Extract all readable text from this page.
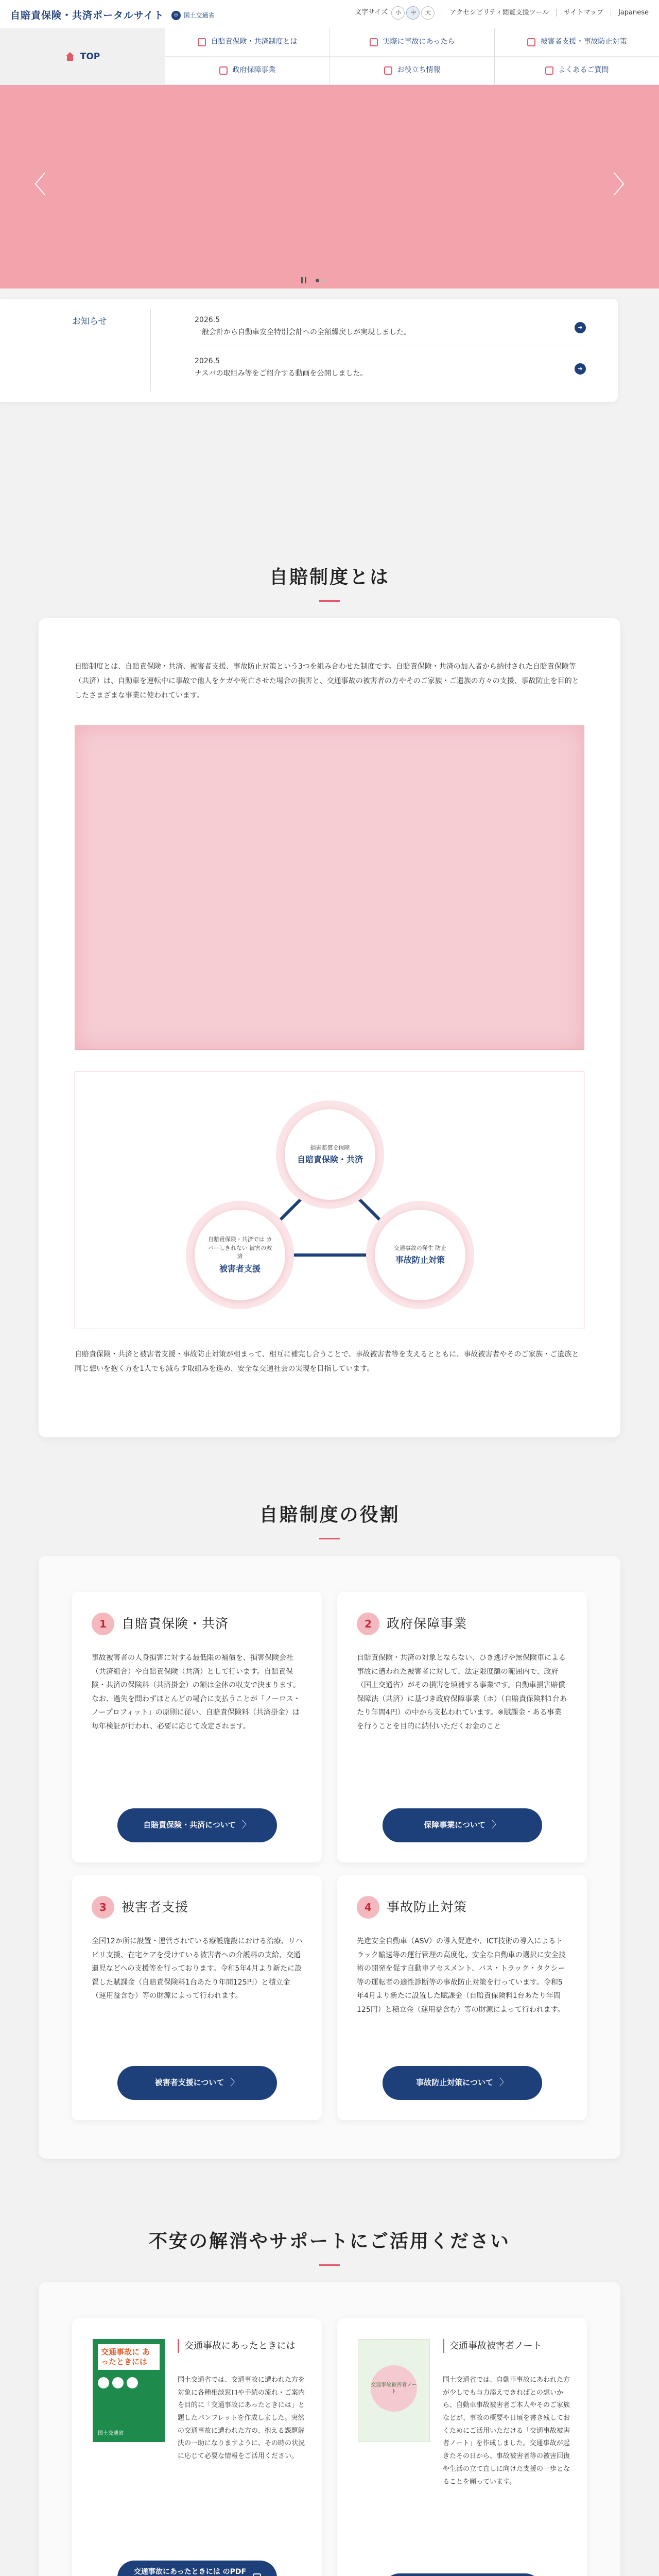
自賠責保険・共済ポータルサイト	◎ 国土交通省	文字サイズ 小 中 大	アクセシビリティ閲覧支援ツール サイトマップ Japanese
TOP
自賠責保険・共済制度とは	実際に事故にあったら	被害者支援・事故防止対策
政府保障事業	お役立ち情報	よくあるご質問
〈	〉
お知らせ	2026.5
一般会計から自動車安全特別会計への全額繰戻しが実現しました。
➜
2026.5
ナスバの取組み等をご紹介する動画を公開しました。
➜
自賠制度とは

自賠制度とは、自賠責保険・共済、被害者支援、事故防止対策という3つを組み合わせた制度です。自賠責保険・共済の加入者から納付された自賠責保険等（共済）は、自動車を運転中に事故で他人をケガや死亡させた場合の損害と、交通事故の被害者の方やそのご家族・ご遺族の方々の支援、事故防止を目的としたさまざまな事業に使われています。

損害賠償を保障
自賠責保険・共済
自賠責保険・共済では カバーしきれない 被害の救済
被害者支援
交通事故の発生 防止
事故防止対策

自賠責保険・共済と被害者支援・事故防止対策が相まって、相互に補完し合うことで、事故被害者等を支えるとともに、事故被害者やそのご家族・ご遺族と同じ想いを抱く方を1人でも減らす取組みを進め、安全な交通社会の実現を目指しています。

自賠制度の役割
1	自賠責保険・共済

事故被害者の人身損害に対する最低限の補償を、損害保険会社（共済組合）や自賠責保険（共済）として行います。自賠責保険・共済の保険料（共済掛金）の額は全体の収支で決まります。なお、過失を問わずほとんどの場合に支払うことが「ノーロス・ノープロフィット」の原則に従い、自賠責保険料（共済掛金）は毎年検証が行われ、必要に応じて改定されます。

自賠責保険・共済について 〉
2	政府保障事業

自賠責保険・共済の対象とならない、ひき逃げや無保険車による事故に遭われた被害者に対して、法定限度額の範囲内で、政府（国土交通省）がその損害を填補する事業です。自動車損害賠償保障法（共済）に基づき政府保障事業（ホ）（自賠責保険料1台あたり年間4円）の中から支払われています。※賦課金・ある事業を行うことを目的に納付いただくお金のこと

保障事業について 〉
3	被害者支援

全国12か所に設置・運営されている療護施設における治療、リハビリ支援、在宅ケアを受けている被害者への介護料の支給、交通遺児などへの支援等を行っております。令和5年4月より新たに設置した賦課金（自賠責保険料1台あたり年間125円）と積立金（運用益含む）等の財源によって行われます。

被害者支援について 〉
4	事故防止対策

先進安全自動車（ASV）の導入促進や、ICT技術の導入によるトラック輸送等の運行管理の高度化、安全な自動車の選択に安全技術の開発を促す自動車アセスメント、バス・トラック・タクシー等の運転者の適性診断等の事故防止対策を行っています。令和5年4月より新たに設置した賦課金（自賠責保険料1台あたり年間125円）と積立金（運用益含む）等の財源によって行われます。

事故防止対策について 〉
不安の解消やサポートにご活用ください
交通事故に あったときには
国土交通省
交通事故にあったときには

国土交通省では、交通事故に遭われた方を対象に各種相談窓口や手続の流れ・ご案内を目的に「交通事故にあったときには」と題したパンフレットを作成しました。突然の交通事故に遭われた方の、抱える課題解決の一助になりますように、その時の状況に応じて必要な情報をご活用ください。

交通事故にあったときには のPDF
交通事故被害者ノート
交通事故被害者ノート

国土交通省では、自動車事故にあわれた方が少しでも与力添えできればとの想いから、自動車事故被害者ご本人やそのご家族などが、事故の概要や日頃を書き残しておくためにご活用いただける「交通事故被害者ノート」を作成しました。交通事故が起きたその日から、事故被害者等の被害回復や生活の立て直しに向けた支援の一歩となることを願っています。
